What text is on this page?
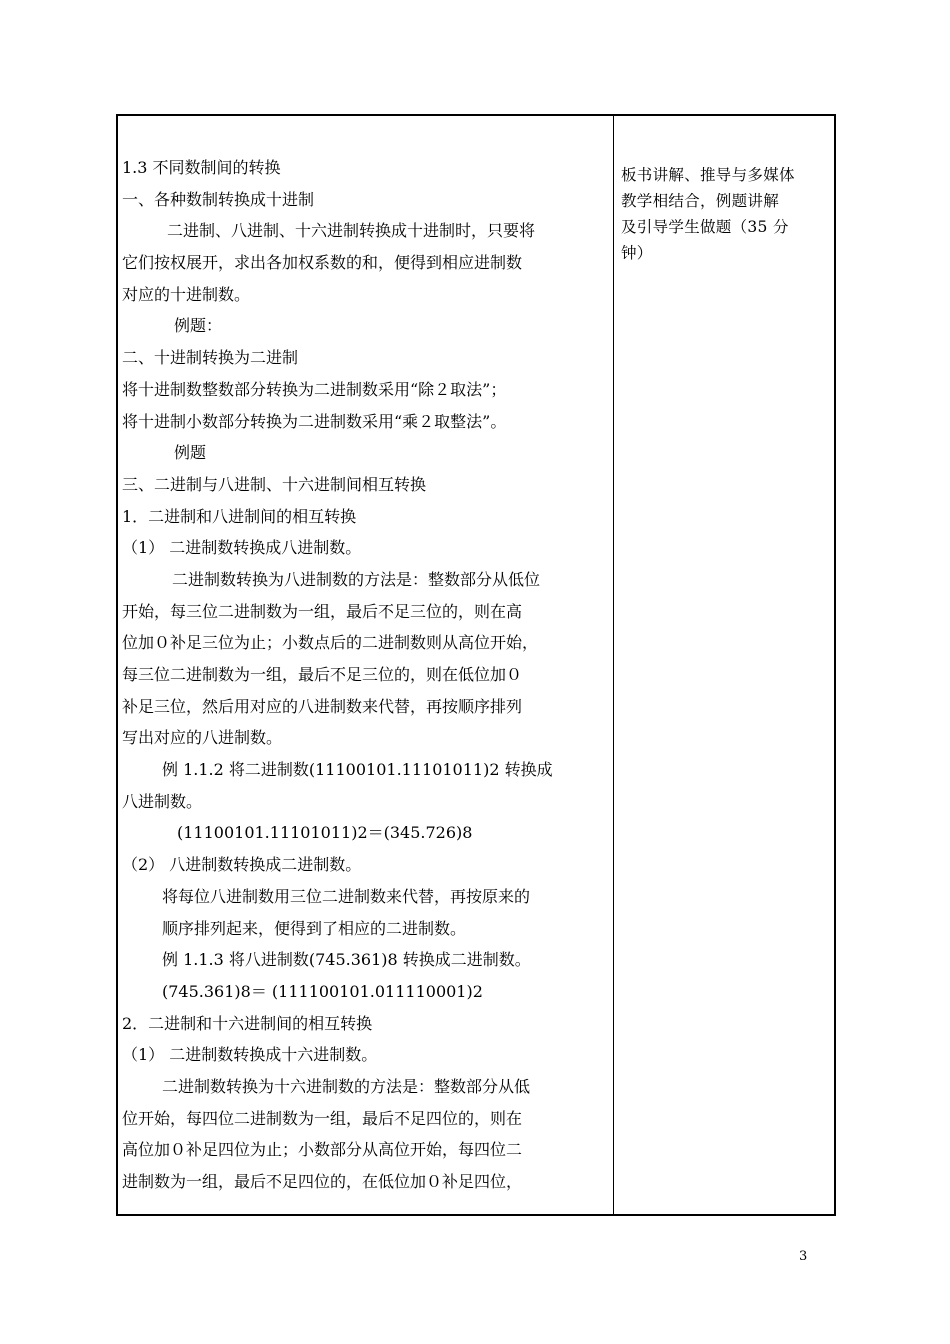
1.3 不同数制间的转换
一、各种数制转换成十进制
二进制、八进制、十六进制转换成十进制时，只要将
它们按权展开，求出各加权系数的和，便得到相应进制数
对应的十进制数。
例题：
二、十进制转换为二进制
将十进制数整数部分转换为二进制数采用“除２取法”；
将十进制小数部分转换为二进制数采用“乘２取整法”。
例题
三、二进制与八进制、十六进制间相互转换
1．二进制和八进制间的相互转换
（1） 二进制数转换成八进制数。
二进制数转换为八进制数的方法是：整数部分从低位
开始，每三位二进制数为一组，最后不足三位的，则在高
位加０补足三位为止；小数点后的二进制数则从高位开始，
每三位二进制数为一组，最后不足三位的，则在低位加０
补足三位，然后用对应的八进制数来代替，再按顺序排列
写出对应的八进制数。
例 1.1.2 将二进制数(11100101.11101011)2 转换成
八进制数。
(11100101.11101011)2＝(345.726)8
（2） 八进制数转换成二进制数。
将每位八进制数用三位二进制数来代替，再按原来的
顺序排列起来，便得到了相应的二进制数。
例 1.1.3 将八进制数(745.361)8 转换成二进制数。
(745.361)8＝ (111100101.011110001)2
2．二进制和十六进制间的相互转换
（1） 二进制数转换成十六进制数。
二进制数转换为十六进制数的方法是：整数部分从低
位开始，每四位二进制数为一组，最后不足四位的，则在
高位加０补足四位为止；小数部分从高位开始，每四位二
进制数为一组，最后不足四位的，在低位加０补足四位，
板书讲解、推导与多媒体
教学相结合，例题讲解
及引导学生做题（35 分
钟）
3
